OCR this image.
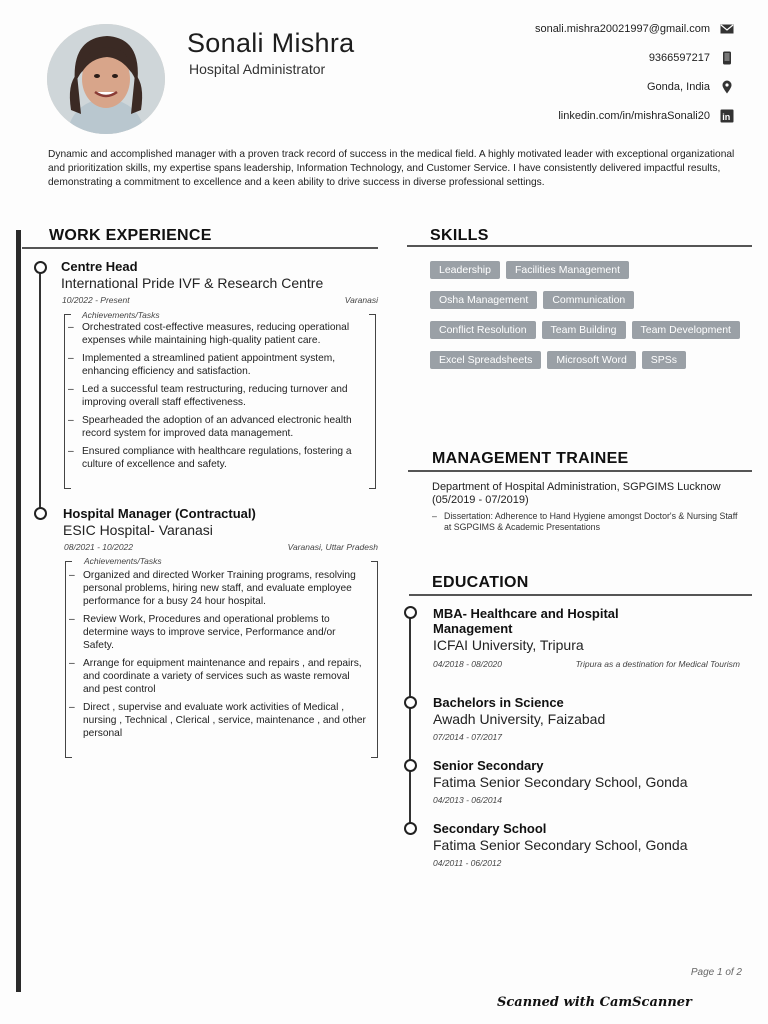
Sonali Mishra
Hospital Administrator
sonali.mishra20021997@gmail.com
9366597217
Gonda, India
linkedin.com/in/mishraSonali20 in
Dynamic and accomplished manager with a proven track record of success in the medical field. A highly motivated leader with exceptional organizational and prioritization skills, my expertise spans leadership, Information Technology, and Customer Service. I have consistently delivered impactful results, demonstrating a commitment to excellence and a keen ability to drive success in diverse professional settings.
WORK EXPERIENCE
Centre Head
International Pride IVF & Research Centre
10/2022 - Present	Varanasi
Achievements/Tasks
– Orchestrated cost-effective measures, reducing operational expenses while maintaining high-quality patient care.
– Implemented a streamlined patient appointment system, enhancing efficiency and satisfaction.
– Led a successful team restructuring, reducing turnover and improving overall staff effectiveness.
– Spearheaded the adoption of an advanced electronic health record system for improved data management.
– Ensured compliance with healthcare regulations, fostering a culture of excellence and safety.
Hospital Manager (Contractual)
ESIC Hospital- Varanasi
08/2021 - 10/2022	Varanasi, Uttar Pradesh
Achievements/Tasks
– Organized and directed Worker Training programs, resolving personal problems, hiring new staff, and evaluate employee performance for a busy 24 hour hospital.
– Review Work, Procedures and operational problems to determine ways to improve service, Performance and/or Safety.
– Arrange for equipment maintenance and repairs , and repairs, and coordinate a variety of services such as waste removal and pest control
– Direct , supervise and evaluate work activities of Medical , nursing , Technical , Clerical , service, maintenance , and other personal
SKILLS
Leadership	Facilities Management
Osha Management	Communication
Conflict Resolution	Team Building	Team Development
Excel Spreadsheets	Microsoft Word	SPSs
MANAGEMENT TRAINEE
Department of Hospital Administration, SGPGIMS Lucknow (05/2019 - 07/2019)
– Dissertation: Adherence to Hand Hygiene amongst Doctor's & Nursing Staff at SGPGIMS & Academic Presentations
EDUCATION
MBA- Healthcare and Hospital Management
ICFAI University, Tripura
04/2018 - 08/2020	Tripura as a destination for Medical Tourism
Bachelors in Science
Awadh University, Faizabad
07/2014 - 07/2017
Senior Secondary
Fatima Senior Secondary School, Gonda
04/2013 - 06/2014
Secondary School
Fatima Senior Secondary School, Gonda
04/2011 - 06/2012
Page 1 of 2
Scanned with CamScanner
